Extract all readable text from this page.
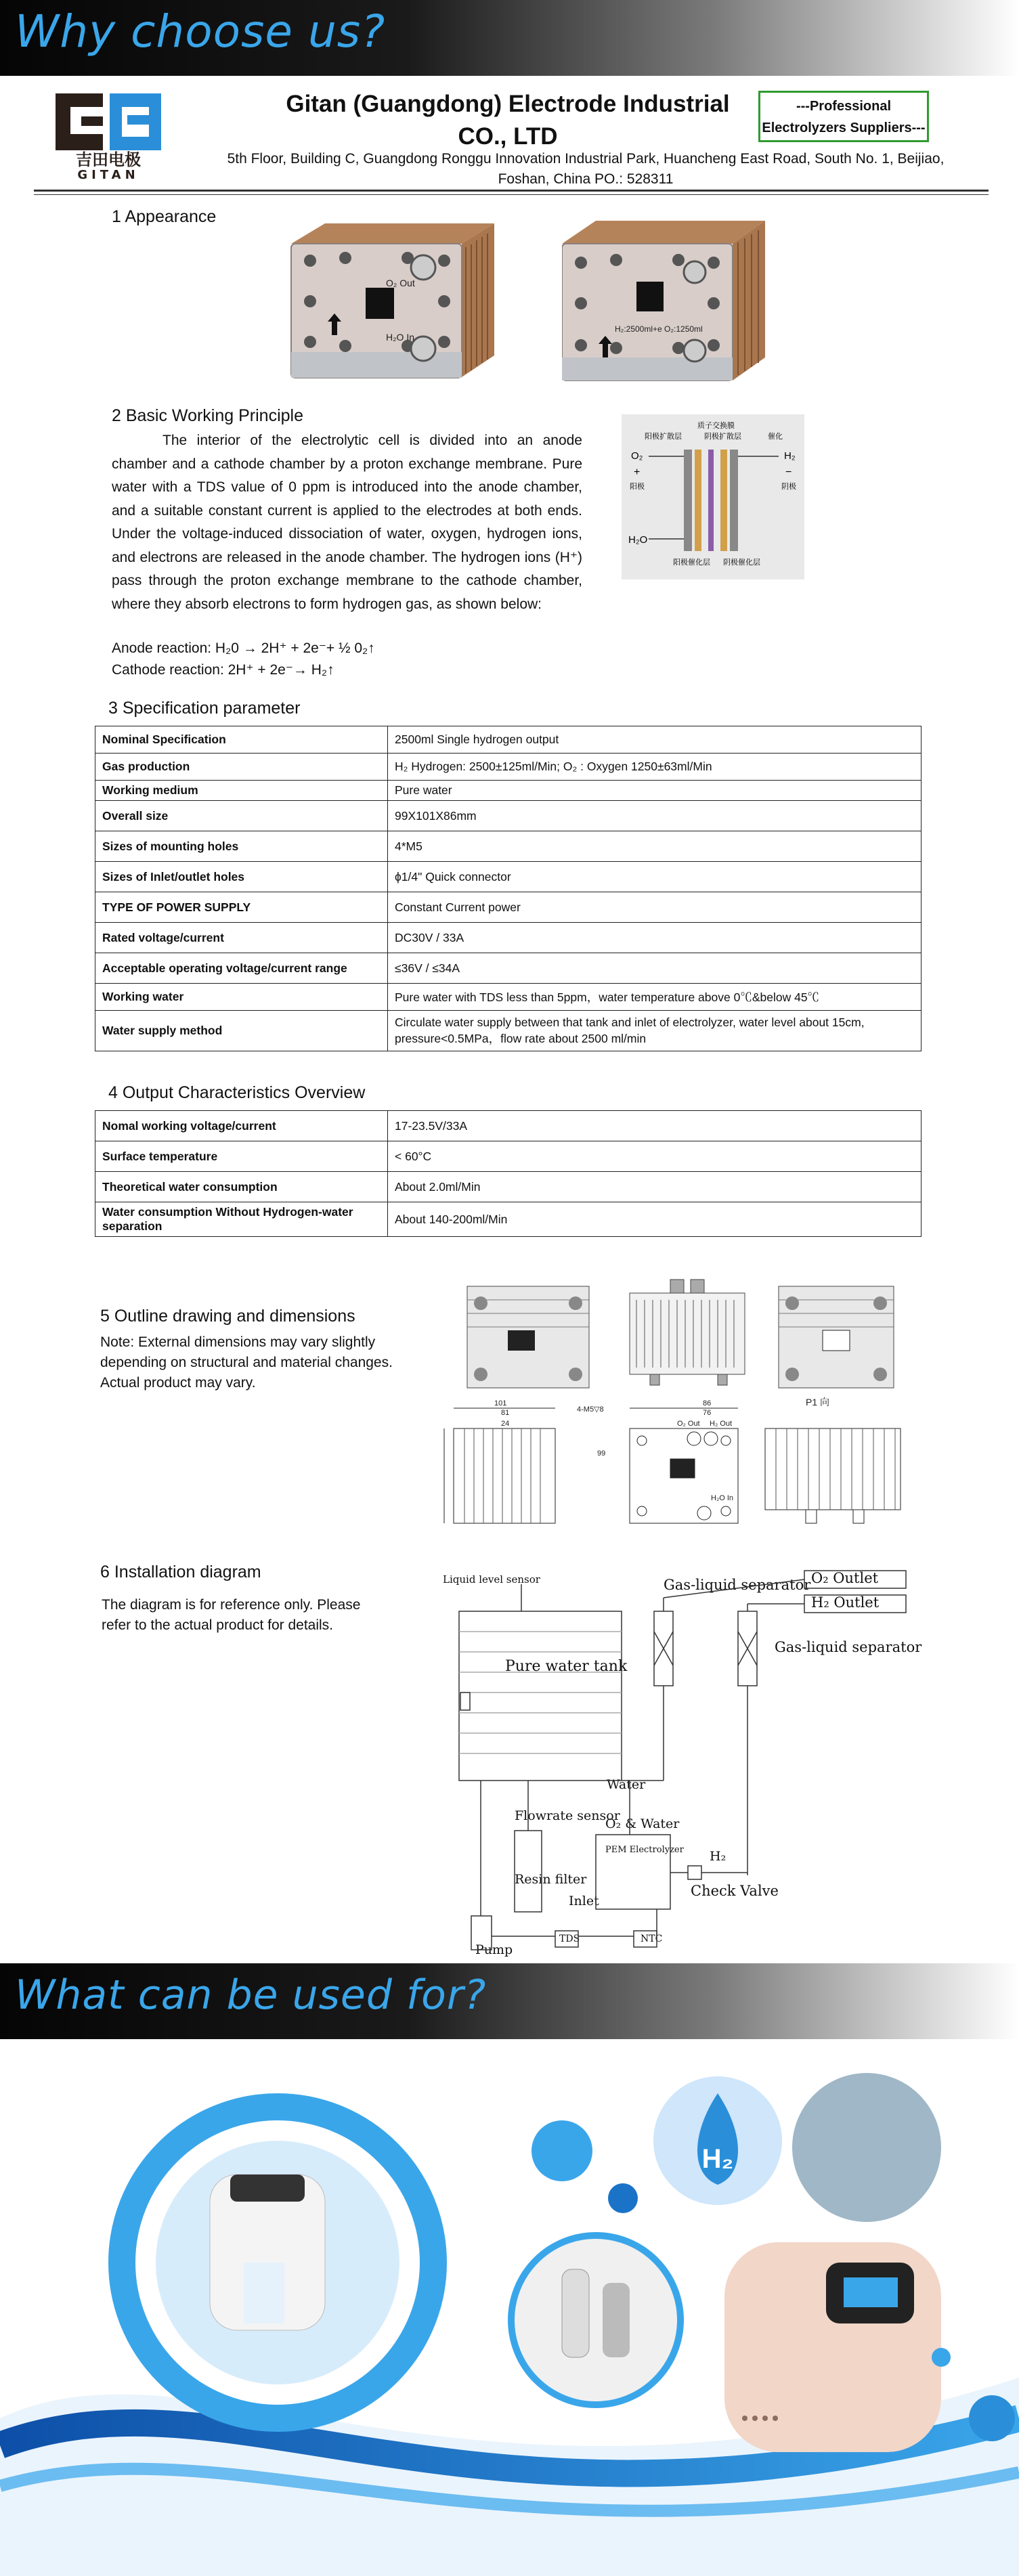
Why choose us?
吉田电极
GITAN
Gitan (Guangdong) Electrode Industrial CO., LTD
---Professional
Electrolyzers Suppliers---
5th Floor, Building C, Guangdong Ronggu Innovation Industrial Park, Huancheng East Road, South No. 1, Beijiao, Foshan, China PO.: 528311
1 Appearance
O₂ Out
H₂O In
H₂:2500ml+e O₂:1250ml
2 Basic Working Principle

The interior of the electrolytic cell is divided into an anode chamber and a cathode chamber by a proton exchange membrane. Pure water with a TDS value of 0 ppm is introduced into the anode chamber, and a suitable constant current is applied to the electrodes at both ends. Under the voltage-induced dissociation of water, oxygen, hydrogen ions, and electrons are released in the anode chamber. The hydrogen ions (H⁺) pass through the proton exchange membrane to the cathode chamber, where they absorb electrons to form hydrogen gas, as shown below:

Anode reaction: H₂0 → 2H⁺ + 2e⁻+ ½ 0₂↑
Cathode reaction: 2H⁺ + 2e⁻→ H₂↑
质子交换膜
阳极扩散层	阴极扩散层	催化
O₂	H₂
+	−
阳极	阴极
H₂O
阳极催化层 阴极催化层
3 Specification parameter
Nominal Specification	2500ml Single hydrogen output
Gas production	H₂ Hydrogen: 2500±125ml/Min; O₂ : Oxygen 1250±63ml/Min
Working medium	Pure water
Overall size	99X101X86mm
Sizes of mounting holes	4*M5
Sizes of Inlet/outlet holes	ϕ1/4" Quick connector
TYPE OF POWER SUPPLY	Constant Current power
Rated voltage/current	DC30V / 33A
Acceptable operating voltage/current range	≤36V / ≤34A
Working water	Pure water with TDS less than 5ppm，water temperature above 0℃&below 45℃
Water supply method	Circulate water supply between that tank and inlet of electrolyzer, water level about 15cm, pressure<0.5MPa，flow rate about 2500 ml/min
4 Output Characteristics Overview
Nomal working voltage/current	17-23.5V/33A
Surface temperature	< 60°C
Theoretical water consumption	About 2.0ml/Min
Water consumption Without Hydrogen-water separation	About 140-200ml/Min
5 Outline drawing and dimensions
Note: External dimensions may vary slightly depending on structural and material changes. Actual product may vary.
101
81
24
86
76
99
4-M5▽8
P1 向
O₂ Out H₂ Out
H₂O In
6 Installation diagram
The diagram is for reference only. Please refer to the actual product for details.
Liquid level sensor
Pure water tank
Gas-liquid separator
Gas-liquid separator
O₂ Outlet
H₂ Outlet
Water
Flowrate sensor
O₂ & Water
PEM Electrolyzer H₂
Check Valve
Resin filter
Inlet
Pump
TDS	NTC
What can be used for?
H₂
